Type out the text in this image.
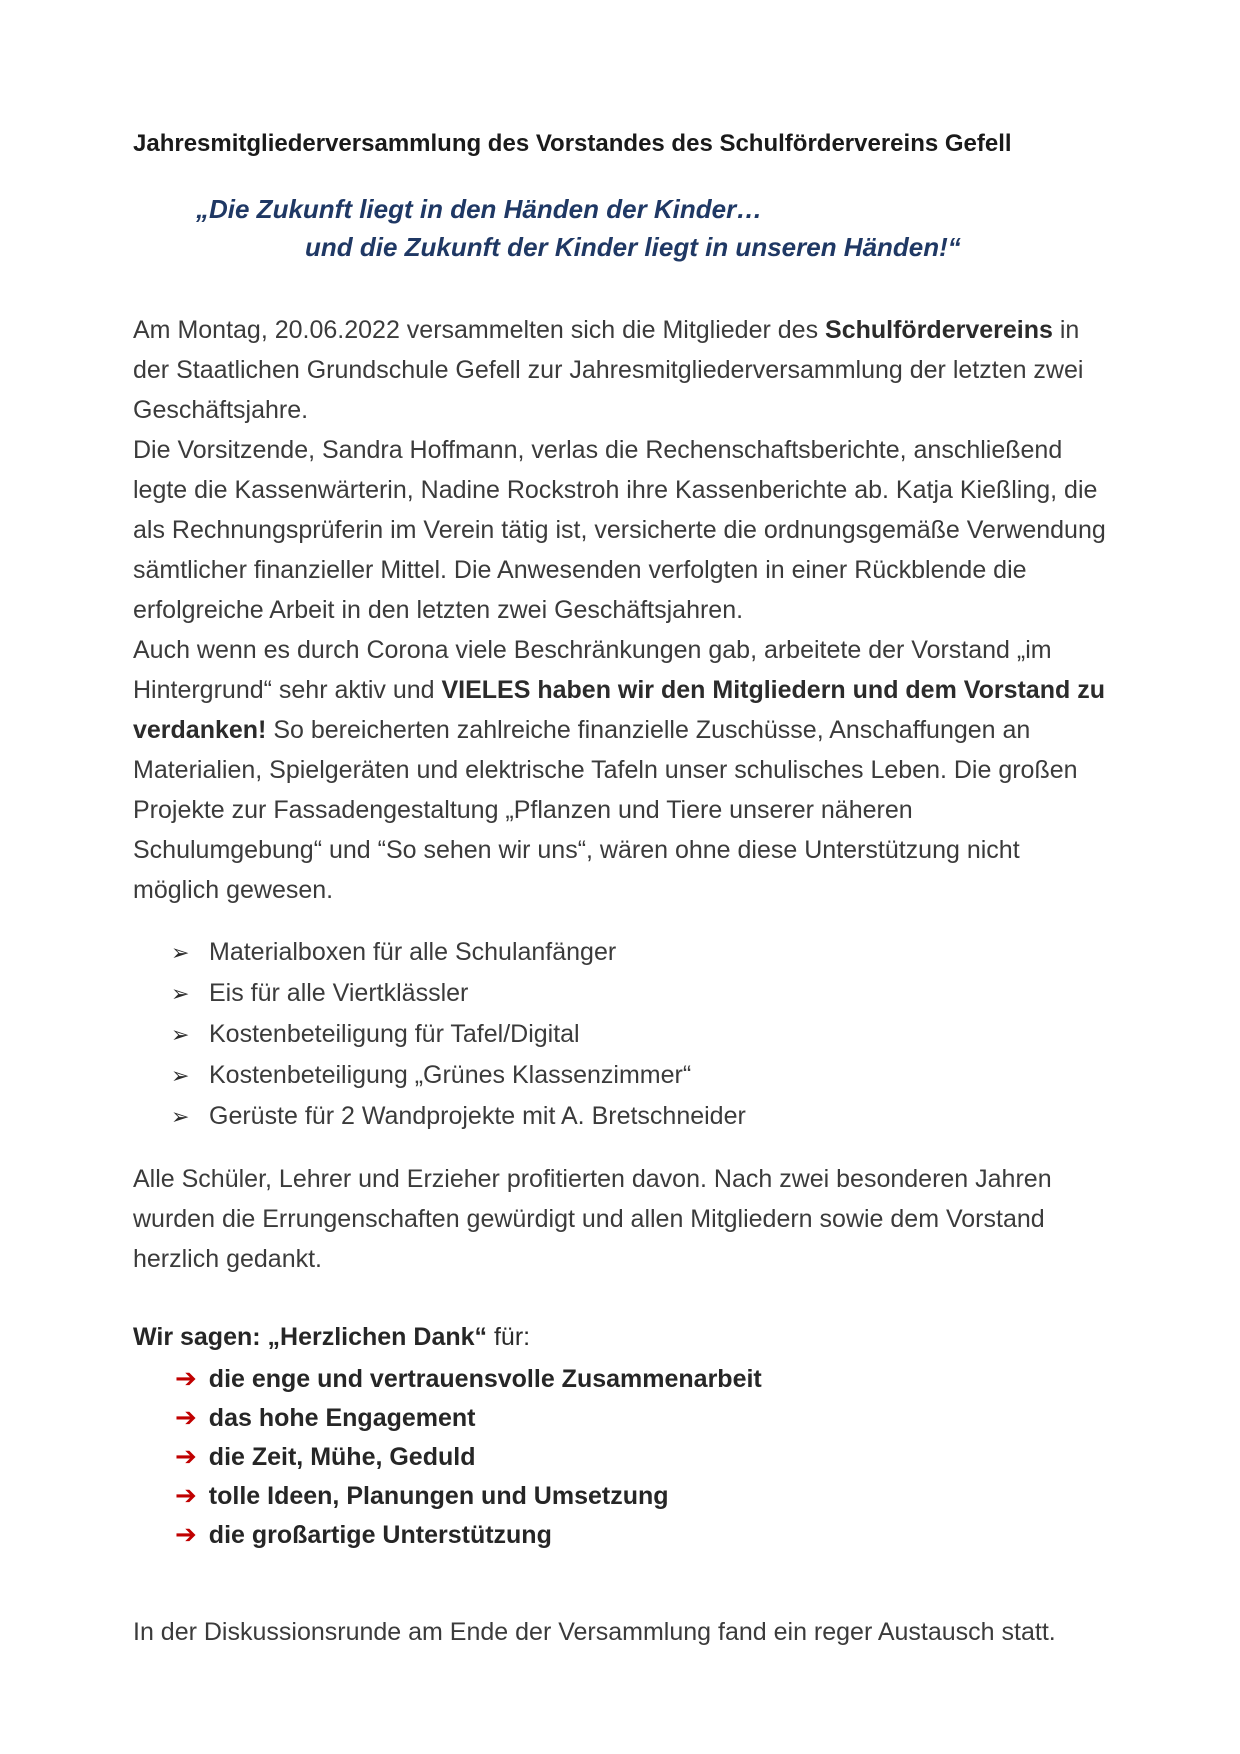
Jahresmitgliederversammlung des Vorstandes des Schulfördervereins Gefell

„Die Zukunft liegt in den Händen der Kinder…

und die Zukunft der Kinder liegt in unseren Händen!“

Am Montag, 20.06.2022 versammelten sich die Mitglieder des Schulfördervereins in der Staatlichen Grundschule Gefell zur Jahresmitgliederversammlung der letzten zwei Geschäftsjahre.

Die Vorsitzende, Sandra Hoffmann, verlas die Rechenschaftsberichte, anschließend legte die Kassenwärterin, Nadine Rockstroh ihre Kassenberichte ab. Katja Kießling, die als Rechnungsprüferin im Verein tätig ist, versicherte die ordnungsgemäße Verwendung sämtlicher finanzieller Mittel. Die Anwesenden verfolgten in einer Rückblende die erfolgreiche Arbeit in den letzten zwei Geschäftsjahren.

Auch wenn es durch Corona viele Beschränkungen gab, arbeitete der Vorstand „im Hintergrund“ sehr aktiv und VIELES haben wir den Mitgliedern und dem Vorstand zu verdanken! So bereicherten zahlreiche finanzielle Zuschüsse, Anschaffungen an Materialien, Spielgeräten und elektrische Tafeln unser schulisches Leben. Die großen Projekte zur Fassadengestaltung „Pflanzen und Tiere unserer näheren Schulumgebung“ und “So sehen wir uns“, wären ohne diese Unterstützung nicht möglich gewesen.

➢ Materialboxen für alle Schulanfänger
➢ Eis für alle Viertklässler
➢ Kostenbeteiligung für Tafel/Digital
➢ Kostenbeteiligung „Grünes Klassenzimmer“
➢ Gerüste für 2 Wandprojekte mit A. Bretschneider

Alle Schüler, Lehrer und Erzieher profitierten davon. Nach zwei besonderen Jahren wurden die Errungenschaften gewürdigt und allen Mitgliedern sowie dem Vorstand herzlich gedankt.

Wir sagen: „Herzlichen Dank“ für:

➔ die enge und vertrauensvolle Zusammenarbeit
➔ das hohe Engagement
➔ die Zeit, Mühe, Geduld
➔ tolle Ideen, Planungen und Umsetzung
➔ die großartige Unterstützung

In der Diskussionsrunde am Ende der Versammlung fand ein reger Austausch statt.
